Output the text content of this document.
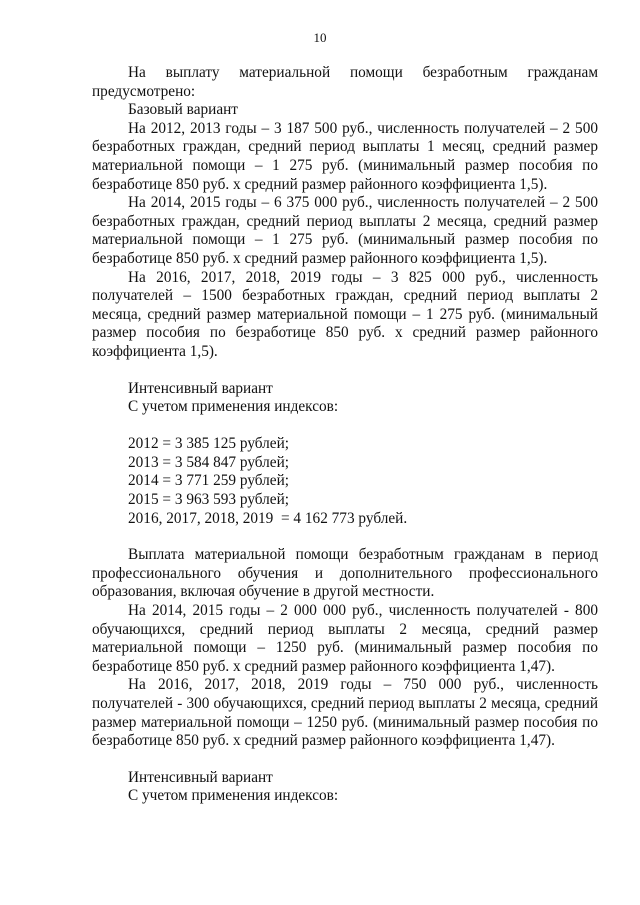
10

На выплату материальной помощи безработным гражданам предусмотрено:

Базовый вариант

На 2012, 2013 годы – 3 187 500 руб., численность получателей – 2 500 безработных граждан, средний период выплаты 1 месяц, средний размер материальной помощи – 1 275 руб. (минимальный размер пособия по безработице 850 руб. х средний размер районного коэффициента 1,5).

На 2014, 2015 годы – 6 375 000 руб., численность получателей – 2 500 безработных граждан, средний период выплаты 2 месяца, средний размер материальной помощи – 1 275 руб. (минимальный размер пособия по безработице 850 руб. х средний размер районного коэффициента 1,5).

На 2016, 2017, 2018, 2019 годы – 3 825 000 руб., численность получателей – 1500 безработных граждан, средний период выплаты 2 месяца, средний размер материальной помощи – 1 275 руб. (минимальный размер пособия по безработице 850 руб. х средний размер районного коэффициента 1,5).

Интенсивный вариант
С учетом применения индексов:
2012 = 3 385 125 рублей;
2013 = 3 584 847 рублей;
2014 = 3 771 259 рублей;
2015 = 3 963 593 рублей;
2016, 2017, 2018, 2019  = 4 162 773 рублей.

Выплата материальной помощи безработным гражданам в период профессионального обучения и дополнительного профессионального образования, включая обучение в другой местности.

На 2014, 2015 годы – 2 000 000 руб., численность получателей - 800 обучающихся, средний период выплаты 2 месяца, средний размер материальной помощи – 1250 руб. (минимальный размер пособия по безработице 850 руб. х средний размер районного коэффициента 1,47).

На 2016, 2017, 2018, 2019 годы – 750 000 руб., численность получателей - 300 обучающихся, средний период выплаты 2 месяца, средний размер материальной помощи – 1250 руб. (минимальный размер пособия по безработице 850 руб. х средний размер районного коэффициента 1,47).

Интенсивный вариант
С учетом применения индексов:
